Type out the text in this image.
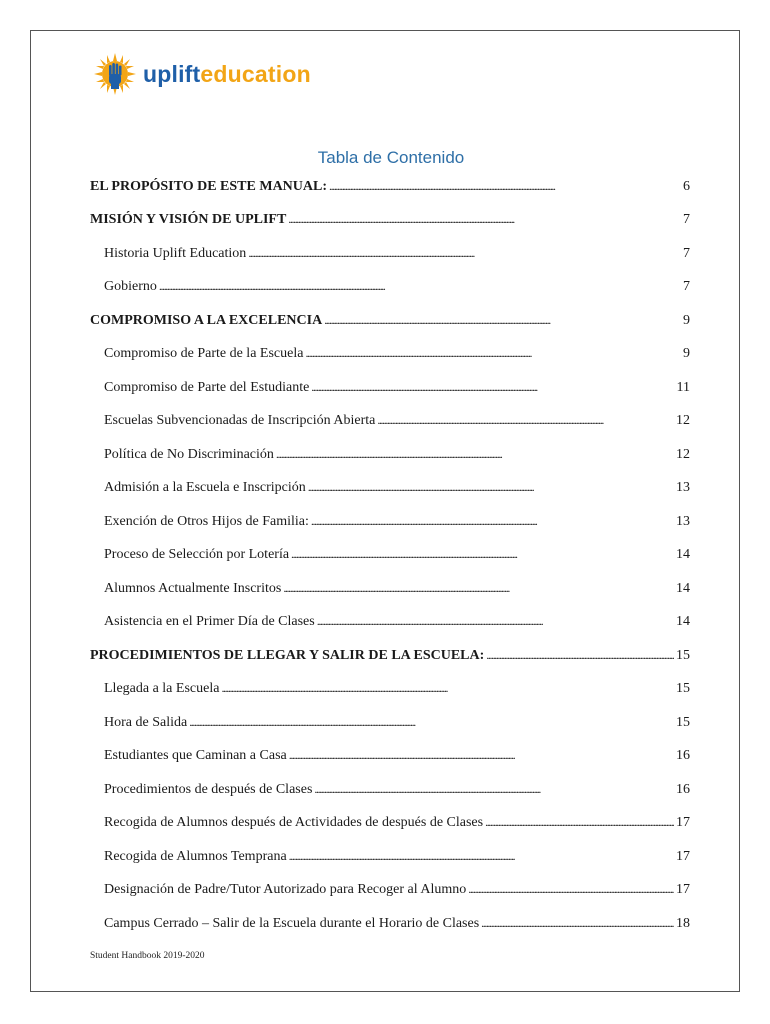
uplifteducation
Tabla de Contenido
EL PROPÓSITO DE ESTE MANUAL: . . .	6
MISIÓN Y VISIÓN DE UPLIFT . . .	7
Historia Uplift Education . . .	7
Gobierno . . .	7
COMPROMISO A LA EXCELENCIA . . .	9
Compromiso de Parte de la Escuela . . .	9
Compromiso de Parte del Estudiante . . .	11
Escuelas Subvencionadas de Inscripción Abierta . . .	12
Política de No Discriminación . . .	12
Admisión a la Escuela e Inscripción . . .	13
Exención de Otros Hijos de Familia: . . .	13
Proceso de Selección por Lotería . . .	14
Alumnos Actualmente Inscritos . . .	14
Asistencia en el Primer Día de Clases . . .	14
PROCEDIMIENTOS DE LLEGAR Y SALIR DE LA ESCUELA: . . .	15
Llegada a la Escuela . . .	15
Hora de Salida . . .	15
Estudiantes que Caminan a Casa . . .	16
Procedimientos de después de Clases . . .	16
Recogida de Alumnos después de Actividades de después de Clases . . .	17
Recogida de Alumnos Temprana . . .	17
Designación de Padre/Tutor Autorizado para Recoger al Alumno . . .	17
Campus Cerrado – Salir de la Escuela durante el Horario de Clases . . .	18
Student Handbook 2019-2020
